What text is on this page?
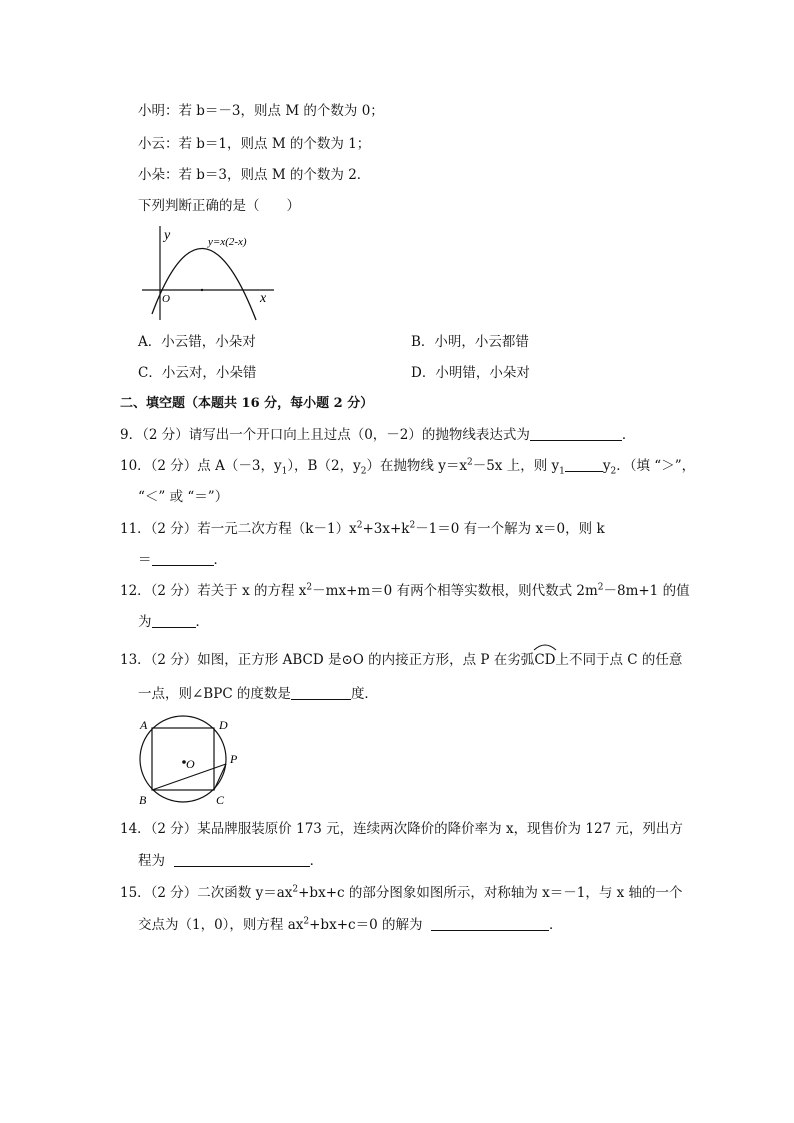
小明：若 b＝－3，则点 M 的个数为 0；
小云：若 b＝1，则点 M 的个数为 1；
小朵：若 b＝3，则点 M 的个数为 2．
下列判断正确的是（　　）
y
x
O
y=x(2-x)
A．小云错，小朵对	B．小明，小云都错
C．小云对，小朵错	D．小明错，小朵对
二、填空题（本题共 16 分，每小题 2 分）
9．（2 分）请写出一个开口向上且过点（0，－2）的抛物线表达式为	．
10．（2 分）点 A（－3，$y_1$），B（2，$y_2$）在抛物线 $y=x^2-5x$ 上，则 $y_1$	$y_2$．（填 “＞”，
“＜” 或 “＝”）
11．（2 分）若一元二次方程$(k-1)x^2+3x+k^2-1=0$ 有一个解为 x＝0，则 k
＝	．
12．（2 分）若关于 x 的方程 $x^2-mx+m=0$ 有两个相等实数根，则代数式 $2m^2-8m+1$ 的值
为	．
13．（2 分）如图，正方形 ABCD 是⊙O 的内接正方形，点 P 在劣弧
CD上不同于点 C 的任意
一点，则∠BPC 的度数是	度．
A	D
B	C
O	P
14．（2 分）某品牌服装原价 173 元，连续两次降价的降价率为 x，现售价为 127 元，列出方
程为	．
15．（2 分）二次函数 $y=ax^2+bx+c$ 的部分图象如图所示，对称轴为 x＝－1，与 x 轴的一个
交点为（1，0），则方程 $ax^2+bx+c=0$ 的解为	．
